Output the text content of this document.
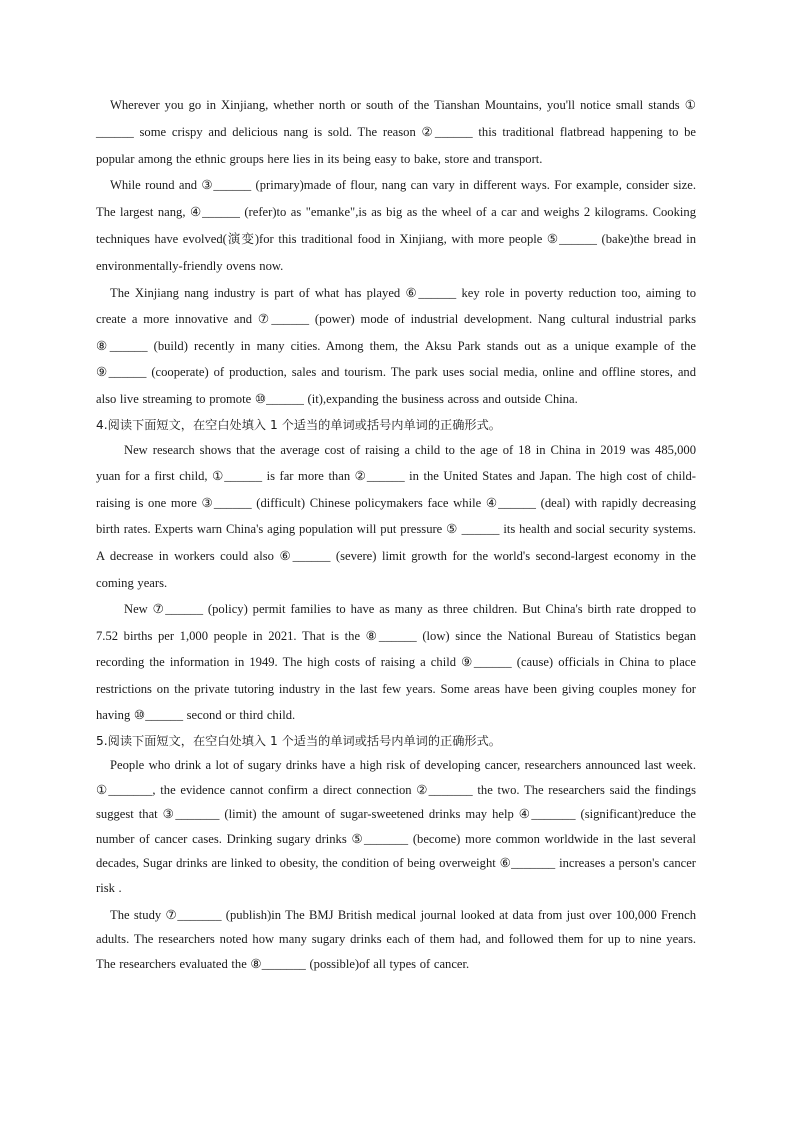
Wherever you go in Xinjiang, whether north or south of the Tianshan Mountains, you'll notice small stands ① ______ some crispy and delicious nang is sold. The reason ②______ this traditional flatbread happening to be popular among the ethnic groups here lies in its being easy to bake, store and transport.

While round and ③______ (primary)made of flour, nang can vary in different ways. For example, consider size. The largest nang, ④______ (refer)to as "emanke",is as big as the wheel of a car and weighs 2 kilograms. Cooking techniques have evolved(演变)for this traditional food in Xinjiang, with more people ⑤______ (bake)the bread in environmentally-friendly ovens now.

The Xinjiang nang industry is part of what has played ⑥______ key role in poverty reduction too, aiming to create a more innovative and ⑦______ (power) mode of industrial development. Nang cultural industrial parks ⑧______ (build) recently in many cities. Among them, the Aksu Park stands out as a unique example of the ⑨______ (cooperate) of production, sales and tourism. The park uses social media, online and offline stores, and also live streaming to promote ⑩______ (it),expanding the business across and outside China.

4.阅读下面短文，在空白处填入 1 个适当的单词或括号内单词的正确形式。

New research shows that the average cost of raising a child to the age of 18 in China in 2019 was 485,000 yuan for a first child, ①______ is far more than ②______ in the United States and Japan. The high cost of child-raising is one more ③______ (difficult) Chinese policymakers face while ④______ (deal) with rapidly decreasing birth rates. Experts warn China's aging population will put pressure ⑤ ______ its health and social security systems. A decrease in workers could also ⑥______ (severe) limit growth for the world's second-largest economy in the coming years.

New ⑦______ (policy) permit families to have as many as three children. But China's birth rate dropped to 7.52 births per 1,000 people in 2021. That is the ⑧______ (low) since the National Bureau of Statistics began recording the information in 1949. The high costs of raising a child ⑨______ (cause) officials in China to place restrictions on the private tutoring industry in the last few years. Some areas have been giving couples money for having ⑩______ second or third child.

5.阅读下面短文，在空白处填入 1 个适当的单词或括号内单词的正确形式。

People who drink a lot of sugary drinks have a high risk of developing cancer, researchers announced last week. ①_______, the evidence cannot confirm a direct connection ②_______ the two. The researchers said the findings suggest that ③_______ (limit) the amount of sugar-sweetened drinks may help ④_______ (significant)reduce the number of cancer cases. Drinking sugary drinks ⑤_______ (become) more common worldwide in the last several decades, Sugar drinks are linked to obesity, the condition of being overweight ⑥_______ increases a person's cancer risk .

The study ⑦_______ (publish)in The BMJ British medical journal looked at data from just over 100,000 French adults. The researchers noted how many sugary drinks each of them had, and followed them for up to nine years. The researchers evaluated the ⑧_______ (possible)of all types of cancer.
